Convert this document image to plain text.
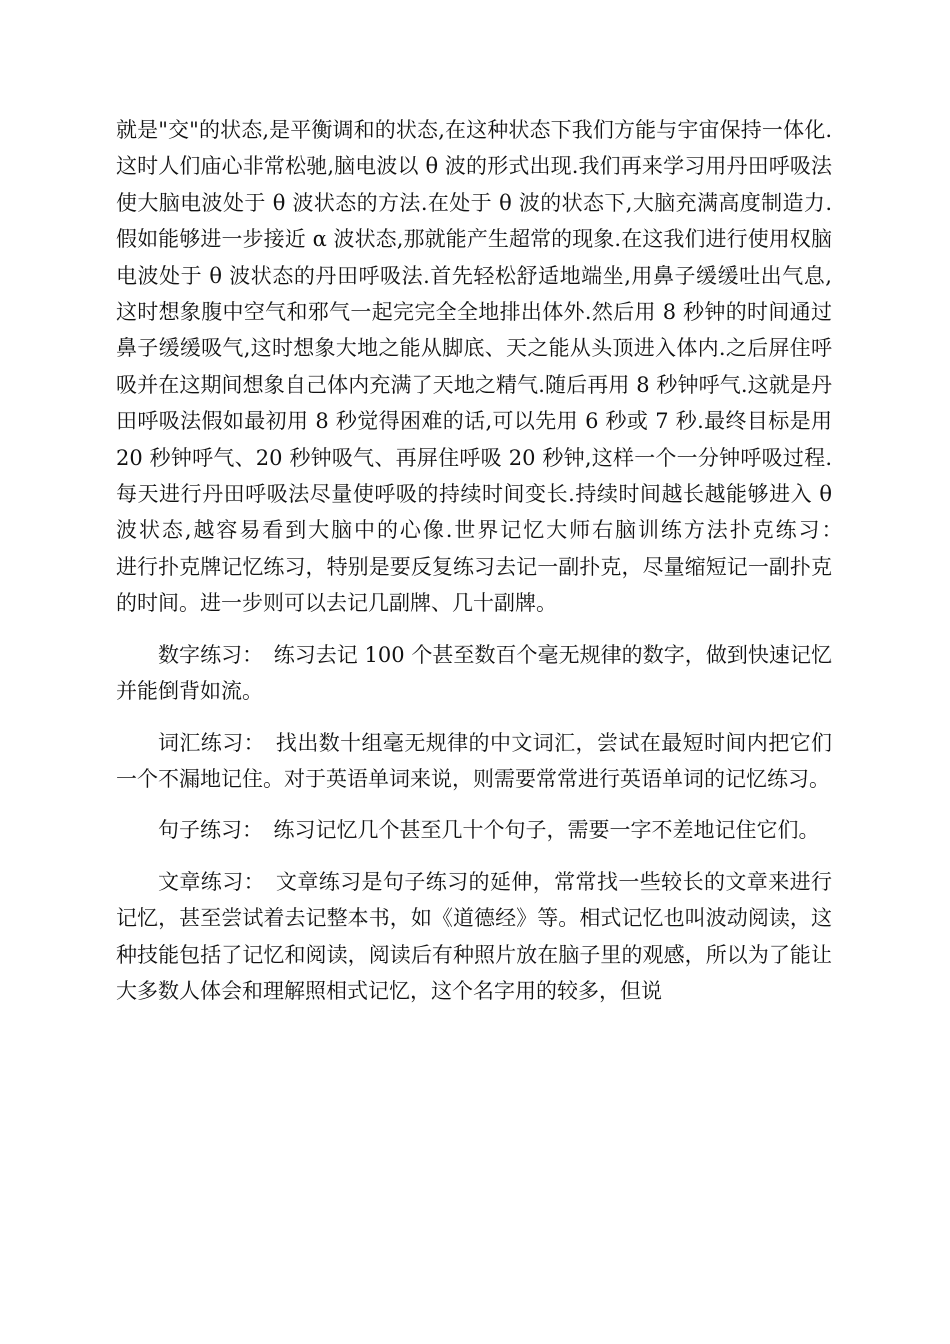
就是"交"的状态,是平衡调和的状态,在这种状态下我们方能与宇宙保持一体化.这时人们庙心非常松驰,脑电波以 θ 波的形式出现.我们再来学习用丹田呼吸法使大脑电波处于 θ 波状态的方法.在处于 θ 波的状态下,大脑充满高度制造力.假如能够进一步接近 α 波状态,那就能产生超常的现象.在这我们进行使用权脑电波处于 θ 波状态的丹田呼吸法.首先轻松舒适地端坐,用鼻子缓缓吐出气息,这时想象腹中空气和邪气一起完完全全地排出体外.然后用 8 秒钟的时间通过鼻子缓缓吸气,这时想象大地之能从脚底、天之能从头顶进入体内.之后屏住呼吸并在这期间想象自己体内充满了天地之精气.随后再用 8 秒钟呼气.这就是丹田呼吸法假如最初用 8 秒觉得困难的话,可以先用 6 秒或 7 秒.最终目标是用 20 秒钟呼气、20 秒钟吸气、再屏住呼吸 20 秒钟,这样一个一分钟呼吸过程.每天进行丹田呼吸法尽量使呼吸的持续时间变长.持续时间越长越能够进入 θ 波状态,越容易看到大脑中的心像.世界记忆大师右脑训练方法扑克练习：　　进行扑克牌记忆练习，特别是要反复练习去记一副扑克，尽量缩短记一副扑克的时间。进一步则可以去记几副牌、几十副牌。

数字练习：　练习去记 100 个甚至数百个毫无规律的数字，做到快速记忆并能倒背如流。

词汇练习：　找出数十组毫无规律的中文词汇，尝试在最短时间内把它们一个不漏地记住。对于英语单词来说，则需要常常进行英语单词的记忆练习。

句子练习：　练习记忆几个甚至几十个句子，需要一字不差地记住它们。

文章练习：　文章练习是句子练习的延伸，常常找一些较长的文章来进行记忆，甚至尝试着去记整本书，如《道德经》等。相式记忆也叫波动阅读，这种技能包括了记忆和阅读，阅读后有种照片放在脑子里的观感，所以为了能让大多数人体会和理解照相式记忆，这个名字用的较多，但说
